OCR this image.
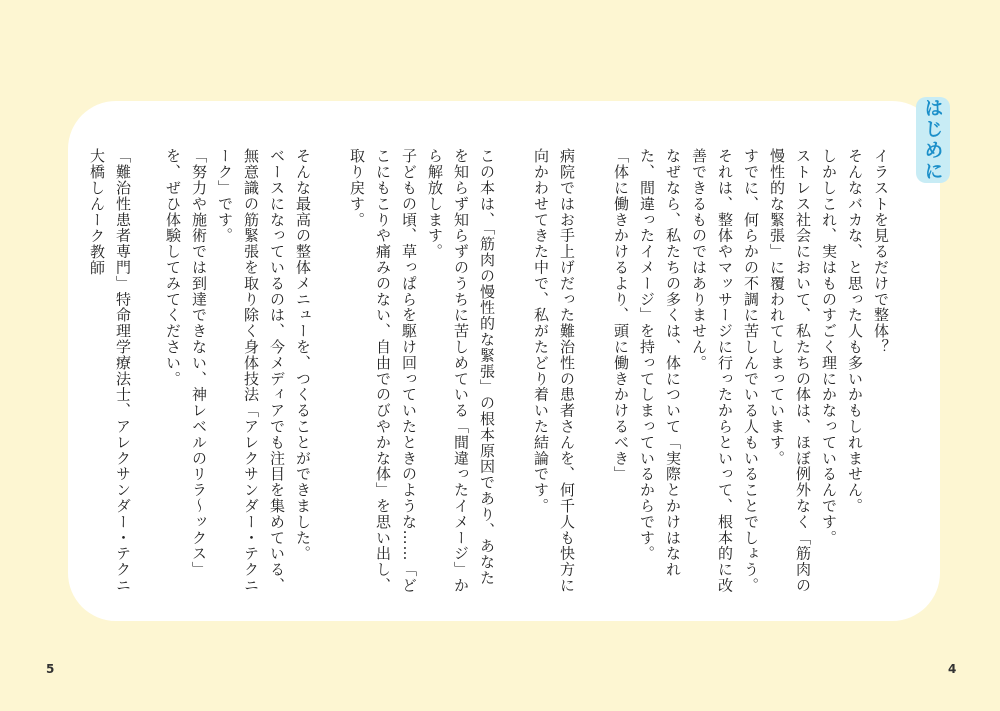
はじめに

イラストを見るだけで整体？

そんなバカな、と思った人も多いかもしれません。

しかしこれ、実はものすごく理にかなっているんです。

ストレス社会において、私たちの体は、ほぼ例外なく「筋肉の慢性的な緊張」に覆われてしまっています。

すでに、何らかの不調に苦しんでいる人もいることでしょう。

それは、整体やマッサージに行ったからといって、根本的に改善できるものではありません。

なぜなら、私たちの多くは、体について「実際とかけはなれた、間違ったイメージ」を持ってしまっているからです。

「体に働きかけるより、頭に働きかけるべき」

病院ではお手上げだった難治性の患者さんを、何千人も快方に向かわせてきた中で、私がたどり着いた結論です。

この本は、「筋肉の慢性的な緊張」の根本原因であり、あなたを知らず知らずのうちに苦しめている「間違ったイメージ」から解放します。

子どもの頃、草っぱらを駆け回っていたときのような……「どこにもこりや痛みのない、自由でのびやかな体」を思い出し、取り戻す。

そんな最高の整体メニューを、つくることができました。

ベースになっているのは、今メディアでも注目を集めている、無意識の筋緊張を取り除く身体技法「アレクサンダー・テクニーク」です。

「努力や施術では到達できない、神レベルのリラ〜ックス」を、ぜひ体験してみてください。

「難治性患者専門」特命理学療法士、アレクサンダー・テクニーク教師
大橋しん

5	4
